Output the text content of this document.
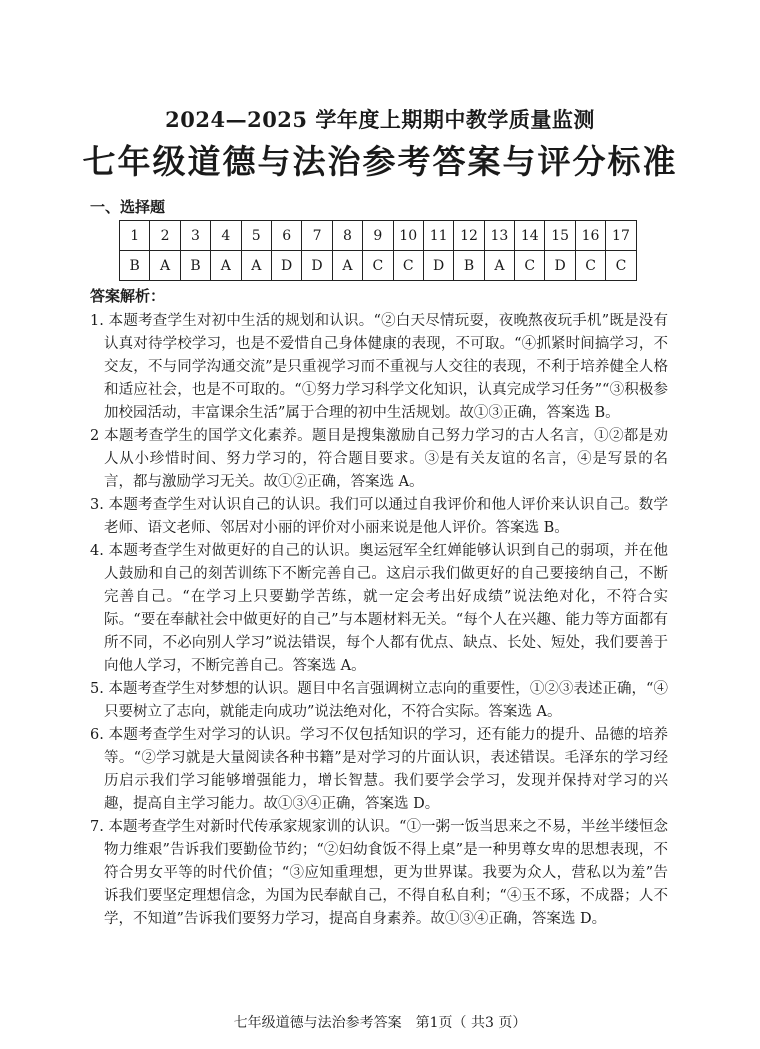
2024—2025 学年度上期期中教学质量监测
七年级道德与法治参考答案与评分标准
一、选择题
1	2	3	4	5	6	7	8	9	10	11	12	13	14	15	16	17
B	A	B	A	A	D	D	A	C	C	D	B	A	C	D	C	C
答案解析：
1. 本题考查学生对初中生活的规划和认识。“②白天尽情玩耍，夜晚熬夜玩手机”既是没有认真对待学校学习，也是不爱惜自己身体健康的表现，不可取。“④抓紧时间搞学习，不交友，不与同学沟通交流”是只重视学习而不重视与人交往的表现，不利于培养健全人格和适应社会，也是不可取的。“①努力学习科学文化知识，认真完成学习任务”“③积极参加校园活动，丰富课余生活”属于合理的初中生活规划。故①③正确，答案选 B。
2 本题考查学生的国学文化素养。题目是搜集激励自己努力学习的古人名言，①②都是劝人从小珍惜时间、努力学习的，符合题目要求。③是有关友谊的名言，④是写景的名言，都与激励学习无关。故①②正确，答案选 A。
3. 本题考查学生对认识自己的认识。我们可以通过自我评价和他人评价来认识自己。数学老师、语文老师、邻居对小丽的评价对小丽来说是他人评价。答案选 B。
4. 本题考查学生对做更好的自己的认识。奥运冠军全红婵能够认识到自己的弱项，并在他人鼓励和自己的刻苦训练下不断完善自己。这启示我们做更好的自己要接纳自己，不断完善自己。“在学习上只要勤学苦练，就一定会考出好成绩”说法绝对化，不符合实际。“要在奉献社会中做更好的自己”与本题材料无关。“每个人在兴趣、能力等方面都有所不同，不必向别人学习”说法错误，每个人都有优点、缺点、长处、短处，我们要善于向他人学习，不断完善自己。答案选 A。
5. 本题考查学生对梦想的认识。题目中名言强调树立志向的重要性，①②③表述正确，“④只要树立了志向，就能走向成功”说法绝对化，不符合实际。答案选 A。
6. 本题考查学生对学习的认识。学习不仅包括知识的学习，还有能力的提升、品德的培养等。“②学习就是大量阅读各种书籍”是对学习的片面认识，表述错误。毛泽东的学习经历启示我们学习能够增强能力，增长智慧。我们要学会学习，发现并保持对学习的兴趣，提高自主学习能力。故①③④正确，答案选 D。
7. 本题考查学生对新时代传承家规家训的认识。“①一粥一饭当思来之不易，半丝半缕恒念物力维艰”告诉我们要勤俭节约；“②妇幼食饭不得上桌”是一种男尊女卑的思想表现，不符合男女平等的时代价值；“③应知重理想，更为世界谋。我要为众人，营私以为羞”告诉我们要坚定理想信念，为国为民奉献自己，不得自私自利；“④玉不琢，不成器；人不学，不知道”告诉我们要努力学习，提高自身素养。故①③④正确，答案选 D。
七年级道德与法治参考答案　第1页（ 共3 页）
